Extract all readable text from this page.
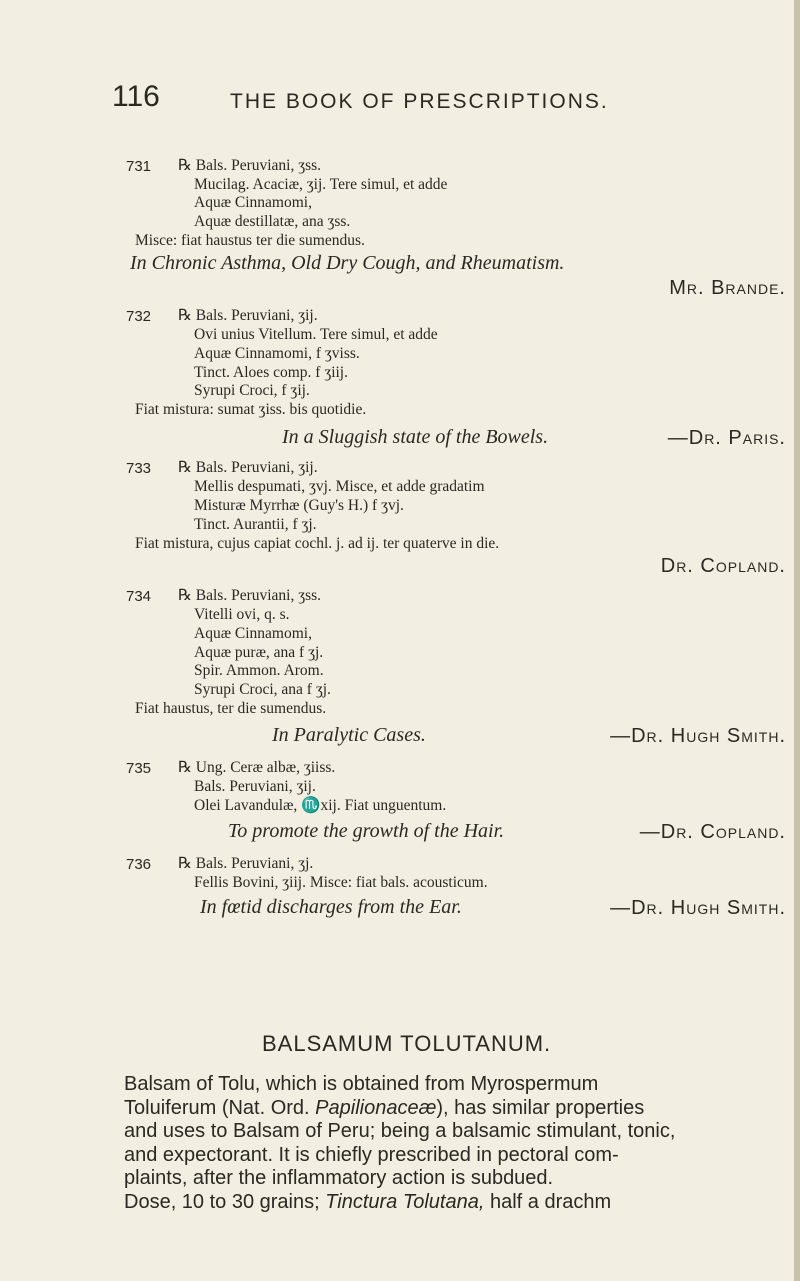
116	THE BOOK OF PRESCRIPTIONS.
731 ℞ Bals. Peruviani, ʒss.
Mucilag. Acaciæ, ʒij. Tere simul, et adde
Aquæ Cinnamomi,
Aquæ destillatæ, ana ʒss.
Misce: fiat haustus ter die sumendus.
In Chronic Asthma, Old Dry Cough, and Rheumatism.
Mr. Brande.
732 ℞ Bals. Peruviani, ʒij.
Ovi unius Vitellum. Tere simul, et adde
Aquæ Cinnamomi, f ʒviss.
Tinct. Aloes comp. f ʒiij.
Syrupi Croci, f ʒij.
Fiat mistura: sumat ʒiss. bis quotidie.
In a Sluggish state of the Bowels.	—Dr. Paris.
733 ℞ Bals. Peruviani, ʒij.
Mellis despumati, ʒvj. Misce, et adde gradatim
Misturæ Myrrhæ (Guy's H.) f ʒvj.
Tinct. Aurantii, f ʒj.
Fiat mistura, cujus capiat cochl. j. ad ij. ter quaterve in die.
Dr. Copland.
734 ℞ Bals. Peruviani, ʒss.
Vitelli ovi, q. s.
Aquæ Cinnamomi,
Aquæ puræ, ana f ʒj.
Spir. Ammon. Arom.
Syrupi Croci, ana f ʒj.
Fiat haustus, ter die sumendus.
In Paralytic Cases.	—Dr. Hugh Smith.
735 ℞ Ung. Ceræ albæ, ʒiiss.
Bals. Peruviani, ʒij.
Olei Lavandulæ, ♏xij. Fiat unguentum.
To promote the growth of the Hair.	—Dr. Copland.
736 ℞ Bals. Peruviani, ʒj.
Fellis Bovini, ʒiij. Misce: fiat bals. acousticum.
In fœtid discharges from the Ear.	—Dr. Hugh Smith.
BALSAMUM TOLUTANUM.
Balsam of Tolu, which is obtained from Myrospermum
Toluiferum (Nat. Ord. Papilionaceæ), has similar properties
and uses to Balsam of Peru; being a balsamic stimulant, tonic,
and expectorant. It is chiefly prescribed in pectoral com-
plaints, after the inflammatory action is subdued.
Dose, 10 to 30 grains; Tinctura Tolutana, half a drachm
